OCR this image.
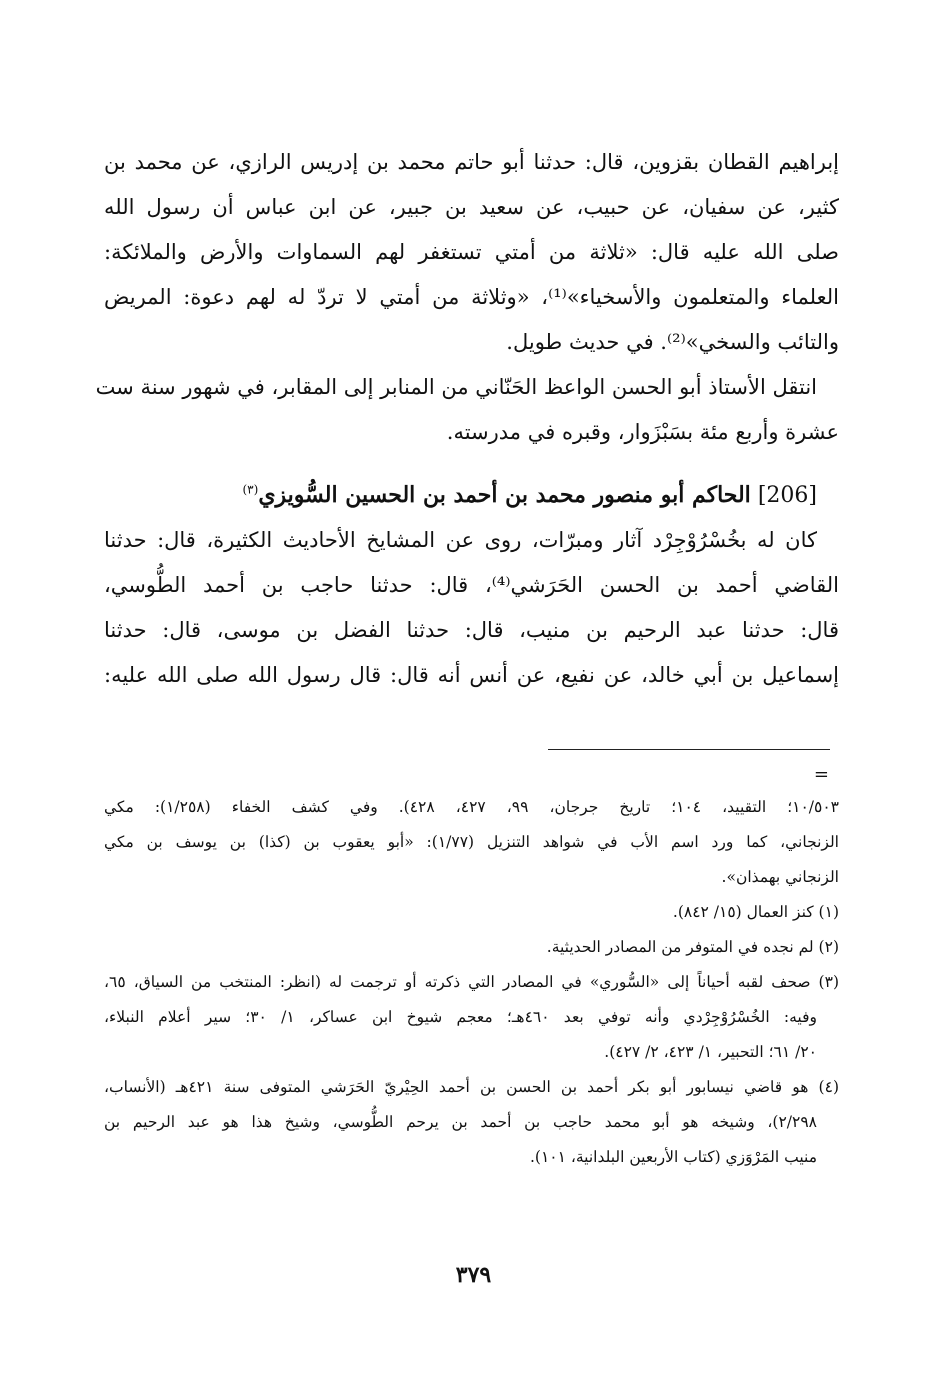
إبراهيم القطان بقزوين، قال: حدثنا أبو حاتم محمد بن إدريس الرازي، عن محمد بن
كثير، عن سفيان، عن حبيب، عن سعيد بن جبير، عن ابن عباس أن رسول الله
صلى الله عليه قال: «ثلاثة من أمتي تستغفر لهم السماوات والأرض والملائكة:
العلماء والمتعلمون والأسخياء»⁽¹⁾، «وثلاثة من أمتي لا تردّ له لهم دعوة: المريض
والتائب والسخي»⁽²⁾. في حديث طويل.

انتقل الأستاذ أبو الحسن الواعظ الحَنّاني من المنابر إلى المقابر، في شهور سنة ست
عشرة وأربع مئة بسَبْزَوار، وقبره في مدرسته.

[206] الحاكم أبو منصور محمد بن أحمد بن الحسين السُّويزي$^{(٣)}$

كان له بخُسْرُوْجِرْد آثار ومبرّات، روى عن المشايخ الأحاديث الكثيرة، قال: حدثنا
القاضي أحمد بن الحسن الحَرَشي⁽⁴⁾، قال: حدثنا حاجب بن أحمد الطُّوسي،
قال: حدثنا عبد الرحيم بن منيب، قال: حدثنا الفضل بن موسى، قال: حدثنا
إسماعيل بن أبي خالد، عن نفيع، عن أنس أنه قال: قال رسول الله صلى الله عليه:

=
١٠/٥٠٣؛ التقييد، ١٠٤؛ تاريخ جرجان، ٩٩، ٤٢٧، ٤٢٨). وفي كشف الخفاء (١/٢٥٨): مكي
الزنجاني، كما ورد اسم الأب في شواهد التنزيل (١/٧٧): «أبو يعقوب بن (كذا) بن يوسف بن مكي
الزنجاني بهمذان».
(١) كنز العمال (١٥/ ٨٤٢).
(٢) لم نجده في المتوفر من المصادر الحديثية.
(٣) صحف لقبه أحياناً إلى «السُّوري» في المصادر التي ذكرته أو ترجمت له (انظر: المنتخب من السياق، ٦٥،
وفيه: الخُسْرُوْجِرْدي وأنه توفي بعد ٤٦٠هـ؛ معجم شيوخ ابن عساكر، ١/ ٣٠؛ سير أعلام النبلاء،
٢٠/ ٦١؛ التحبير، ١/ ٤٢٣، ٢/ ٤٢٧).
(٤) هو قاضي نيسابور أبو بكر أحمد بن الحسن بن أحمد الحِيْريّ الحَرَشي المتوفى سنة ٤٢١هـ (الأنساب،
٢/٢٩٨)، وشيخه هو أبو محمد حاجب بن أحمد بن يرحم الطُّوسي، وشيخ هذا هو عبد الرحيم بن
منيب المَرْوَزي (كتاب الأربعين البلدانية، ١٠١).
٣٧٩
